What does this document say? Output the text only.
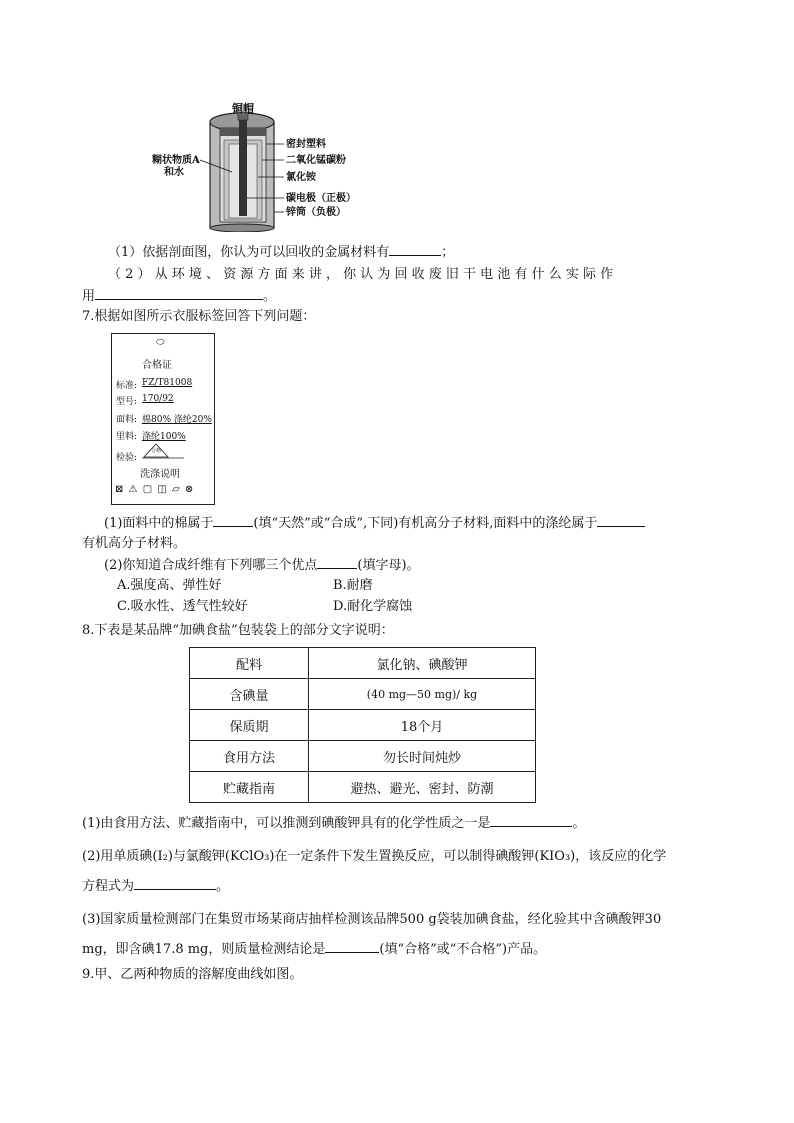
铜帽
糊状物质A
和水
密封塑料
二氧化锰碳粉
氯化铵
碳电极（正极）
锌筒（负极）
（1）依据剖面图，你认为可以回收的金属材料有	；
（ 2 ） 从 环 境 、 资 源 方 面 来 讲 ， 你 认 为 回 收 废 旧 干 电 池 有 什 么 实 际 作
用	。
7.根据如图所示衣服标签回答下列问题：
⬭
合格证
标准: FZ/T81008
型号: 170/92
面料: 棉80% 涤纶20%
里料: 涤纶100%
检验:
合格
洗涤说明
⊠ ⚠ ▢ ◫ ▱ ⊗
(1)面料中的棉属于	(填“天然”或“合成”,下同)有机高分子材料,面料中的涤纶属于
有机高分子材料。
(2)你知道合成纤维有下列哪三个优点	(填字母)。
A.强度高、弹性好	B.耐磨
C.吸水性、透气性较好	D.耐化学腐蚀
8.下表是某品牌“加碘食盐”包装袋上的部分文字说明：
配料	氯化钠、碘酸钾
含碘量	(40 mg—50 mg)/ kg
保质期	18个月
食用方法	勿长时间炖炒
贮藏指南	避热、避光、密封、防潮
(1)由食用方法、贮藏指南中，可以推测到碘酸钾具有的化学性质之一是	。
(2)用单质碘(I₂)与氯酸钾(KClO₃)在一定条件下发生置换反应，可以制得碘酸钾(KIO₃)，该反应的化学
方程式为	。
(3)国家质量检测部门在集贸市场某商店抽样检测该品牌500 g袋装加碘食盐，经化验其中含碘酸钾30
mg，即含碘17.8 mg，则质量检测结论是	(填“合格”或“不合格”)产品。
9.甲、乙两种物质的溶解度曲线如图。
